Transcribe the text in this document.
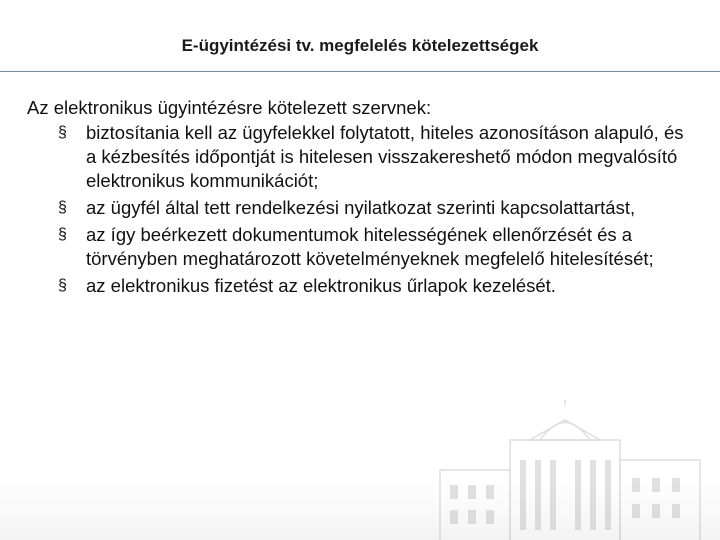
E-ügyintézési tv. megfelelés kötelezettségek

Az elektronikus ügyintézésre kötelezett szervnek:

§ biztosítania kell az ügyfelekkel folytatott, hiteles azonosításon alapuló, és a kézbesítés időpontját is hitelesen visszakereshető módon megvalósító elektronikus kommunikációt;
§ az ügyfél által tett rendelkezési nyilatkozat szerinti kapcsolattartást,
§ az így beérkezett dokumentumok hitelességének ellenőrzését és a törvényben meghatározott követelményeknek megfelelő hitelesítését;
§ az elektronikus fizetést az elektronikus űrlapok kezelését.
